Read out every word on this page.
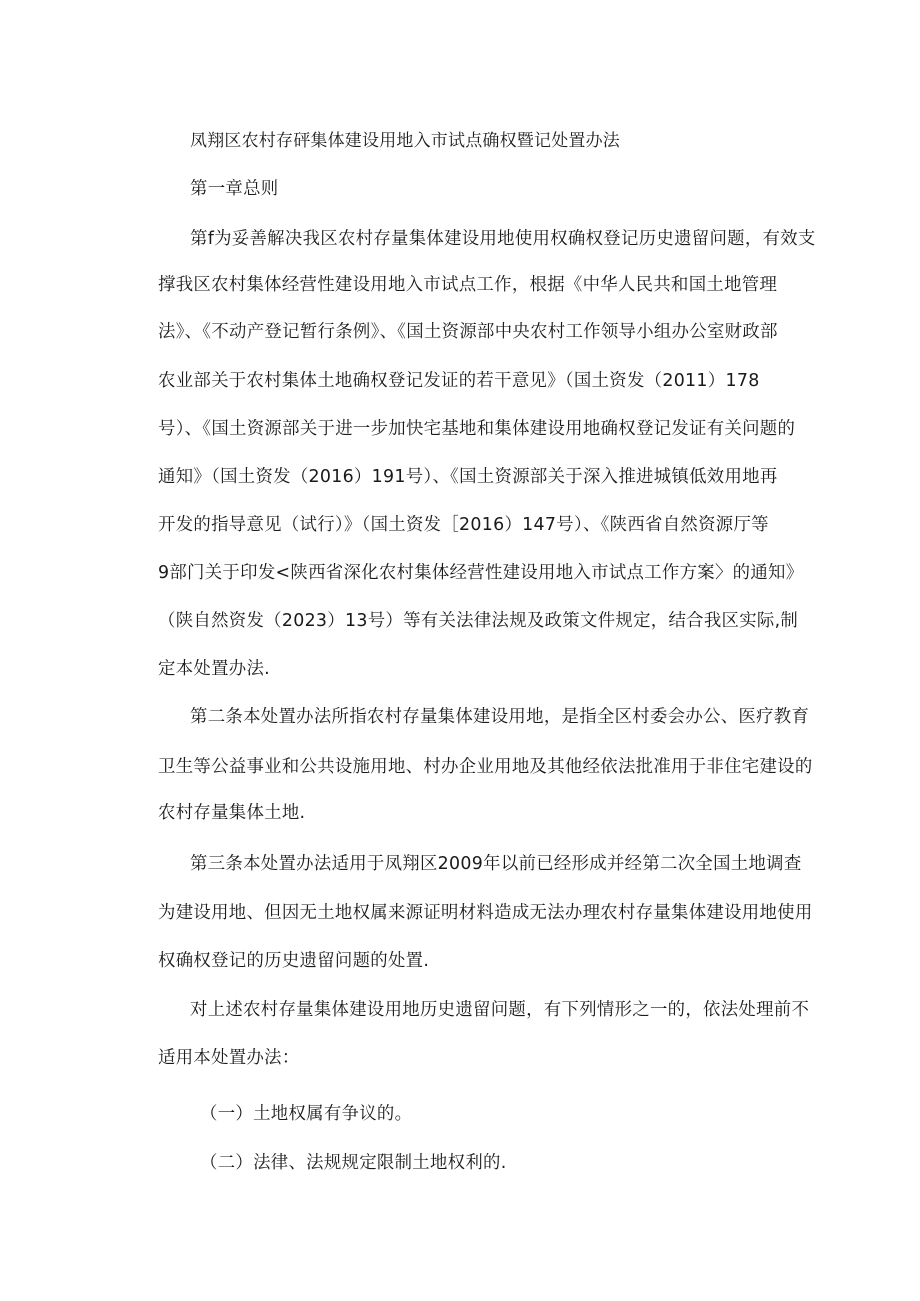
凤翔区农村存砰集体建设用地入市试点确权暨记处置办法

第一章总则

第f为妥善解决我区农村存量集体建设用地使用权确权登记历史遗留问题，有效支

撑我区农村集体经营性建设用地入市试点工作，根据《中华人民共和国土地管理

法》、《不动产登记暂行条例》、《国土资源部中央农村工作领导小组办公室财政部

农业部关于农村集体土地确权登记发证的若干意见》（国土资发（2011）178

号）、《国土资源部关于进一步加快宅基地和集体建设用地确权登记发证有关问题的

通知》（国土资发（2016）191号）、《国土资源部关于深入推进城镇低效用地再

开发的指导意见（试行）》（国土资发［2016）147号）、《陕西省自然资源厅等

9部门关于印发<陕西省深化农村集体经营性建设用地入市试点工作方案〉的通知》

（陕自然资发（2023）13号）等有关法律法规及政策文件规定，结合我区实际,制

定本处置办法.

第二条本处置办法所指农村存量集体建设用地，是指全区村委会办公、医疗教育

卫生等公益事业和公共设施用地、村办企业用地及其他经依法批准用于非住宅建设的

农村存量集体土地.

第三条本处置办法适用于凤翔区2009年以前已经形成并经第二次全国土地调查

为建设用地、但因无土地权属来源证明材料造成无法办理农村存量集体建设用地使用

权确权登记的历史遗留问题的处置.

对上述农村存量集体建设用地历史遗留问题，有下列情形之一的，依法处理前不

适用本处置办法：

（一）土地权属有争议的。

（二）法律、法规规定限制土地权利的.
